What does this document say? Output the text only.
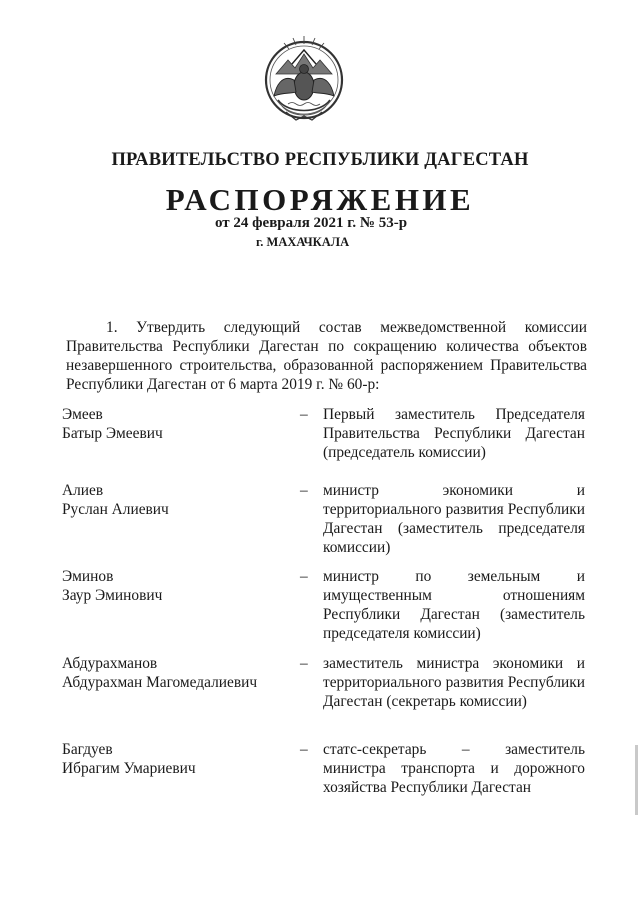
ПРАВИТЕЛЬСТВО РЕСПУБЛИКИ ДАГЕСТАН
РАСПОРЯЖЕНИЕ
от 24 февраля 2021 г. № 53-р
г. МАХАЧКАЛА
1. Утвердить следующий состав межведомственной комиссии Правительства Республики Дагестан по сокращению количества объектов незавершенного строительства, образованной распоряжением Правительства Республики Дагестан от 6 марта 2019 г. № 60-р:
Эмеев
Батыр Эмеевич
– Первый заместитель Председателя Правительства Республики Дагестан (председатель комиссии)
Алиев
Руслан Алиевич
– министр экономики и территориального развития Республики Дагестан (заместитель председателя комиссии)
Эминов
Заур Эминович
– министр по земельным и имущественным отношениям Республики Дагестан (заместитель председателя комиссии)
Абдурахманов
Абдурахман Магомедалиевич
– заместитель министра экономики и территориального развития Республики Дагестан (секретарь комиссии)
Багдуев
Ибрагим Умариевич
– статс-секретарь – заместитель министра транспорта и дорожного хозяйства Республики Дагестан
